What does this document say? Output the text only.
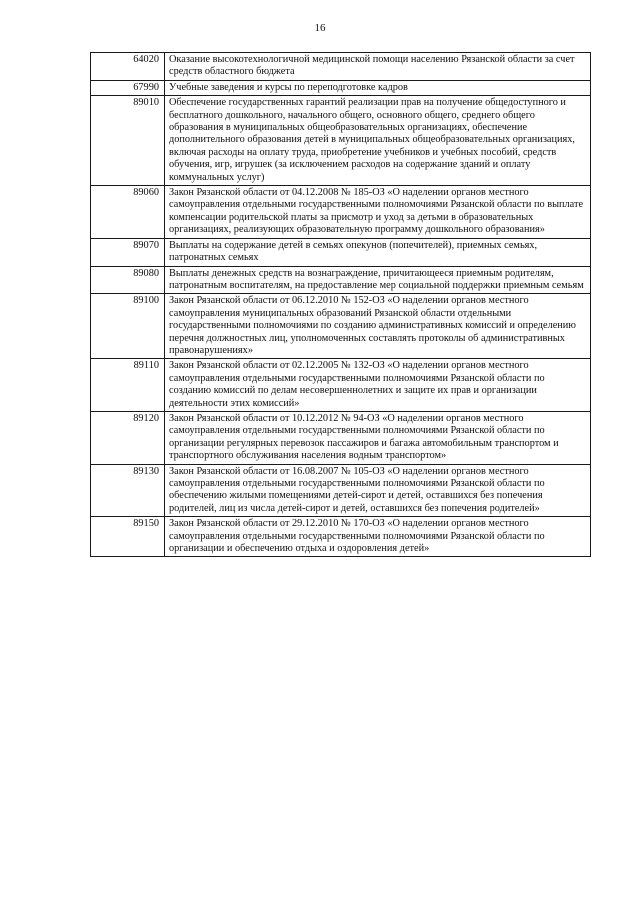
16
64020	Оказание высокотехнологичной медицинской помощи населению Рязанской области за счет средств областного бюджета
67990	Учебные заведения и курсы по переподготовке кадров
89010	Обеспечение государственных гарантий реализации прав на получение общедоступного и бесплатного дошкольного, начального общего, основного общего, среднего общего образования в муниципальных общеобразовательных организациях, обеспечение дополнительного образования детей в муниципальных общеобразовательных организациях, включая расходы на оплату труда, приобретение учебников и учебных пособий, средств обучения, игр, игрушек (за исключением расходов на содержание зданий и оплату коммунальных услуг)
89060	Закон Рязанской области от 04.12.2008 № 185-ОЗ «О наделении органов местного самоуправления отдельными государственными полномочиями Рязанской области по выплате компенсации родительской платы за присмотр и уход за детьми в образовательных организациях, реализующих образовательную программу дошкольного образования»
89070	Выплаты на содержание детей в семьях опекунов (попечителей), приемных семьях, патронатных семьях
89080	Выплаты денежных средств на вознаграждение, причитающееся приемным родителям, патронатным воспитателям, на предоставление мер социальной поддержки приемным семьям
89100	Закон Рязанской области от 06.12.2010 № 152-ОЗ «О наделении органов местного самоуправления муниципальных образований Рязанской области отдельными государственными полномочиями по созданию административных комиссий и определению перечня должностных лиц, уполномоченных составлять протоколы об административных правонарушениях»
89110	Закон Рязанской области от 02.12.2005 № 132-ОЗ «О наделении органов местного самоуправления отдельными государственными полномочиями Рязанской области по созданию комиссий по делам несовершеннолетних и защите их прав и организации деятельности этих комиссий»
89120	Закон Рязанской области от 10.12.2012 № 94-ОЗ «О наделении органов местного самоуправления отдельными государственными полномочиями Рязанской области по организации регулярных перевозок пассажиров и багажа автомобильным транспортом и транспортного обслуживания населения водным транспортом»
89130	Закон Рязанской области от 16.08.2007 № 105-ОЗ «О наделении органов местного самоуправления отдельными государственными полномочиями Рязанской области по обеспечению жилыми помещениями детей-сирот и детей, оставшихся без попечения родителей, лиц из числа детей-сирот и детей, оставшихся без попечения родителей»
89150	Закон Рязанской области от 29.12.2010 № 170-ОЗ «О наделении органов местного самоуправления отдельными государственными полномочиями Рязанской области по организации и обеспечению отдыха и оздоровления детей»
